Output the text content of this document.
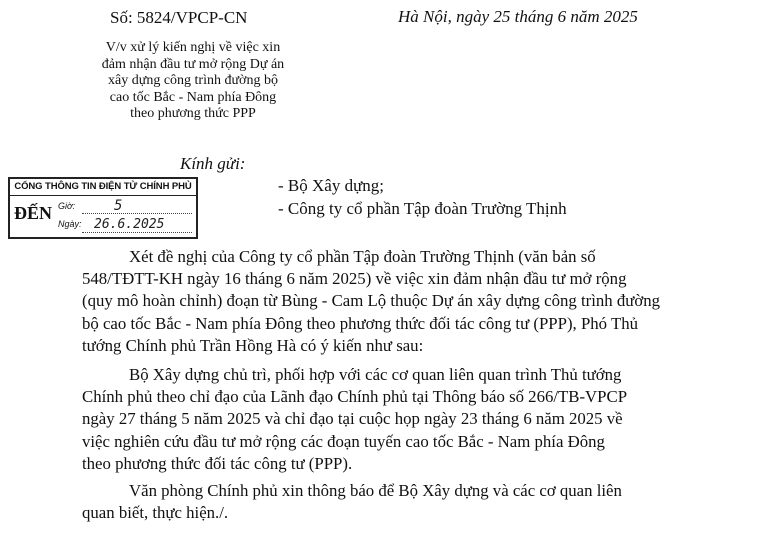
Số: 5824/VPCP-CN	Hà Nội, ngày 25 tháng 6 năm 2025
V/v xử lý kiến nghị về việc xin
đảm nhận đầu tư mở rộng Dự án
xây dựng công trình đường bộ
cao tốc Bắc - Nam phía Đông
theo phương thức PPP
Kính gửi:
- Bộ Xây dựng;
- Công ty cổ phần Tập đoàn Trường Thịnh
CỔNG THÔNG TIN ĐIỆN TỬ CHÍNH PHỦ
ĐẾN Giờ:	5
Ngày: 26.6.2025
Xét đề nghị của Công ty cổ phần Tập đoàn Trường Thịnh (văn bản số
548/TĐTT-KH ngày 16 tháng 6 năm 2025) về việc xin đảm nhận đầu tư mở rộng
(quy mô hoàn chỉnh) đoạn từ Bùng - Cam Lộ thuộc Dự án xây dựng công trình đường
bộ cao tốc Bắc - Nam phía Đông theo phương thức đối tác công tư (PPP), Phó Thủ
tướng Chính phủ Trần Hồng Hà có ý kiến như sau:
Bộ Xây dựng chủ trì, phối hợp với các cơ quan liên quan trình Thủ tướng
Chính phủ theo chỉ đạo của Lãnh đạo Chính phủ tại Thông báo số 266/TB-VPCP
ngày 27 tháng 5 năm 2025 và chỉ đạo tại cuộc họp ngày 23 tháng 6 năm 2025 về
việc nghiên cứu đầu tư mở rộng các đoạn tuyến cao tốc Bắc - Nam phía Đông
theo phương thức đối tác công tư (PPP).
Văn phòng Chính phủ xin thông báo để Bộ Xây dựng và các cơ quan liên
quan biết, thực hiện./.
